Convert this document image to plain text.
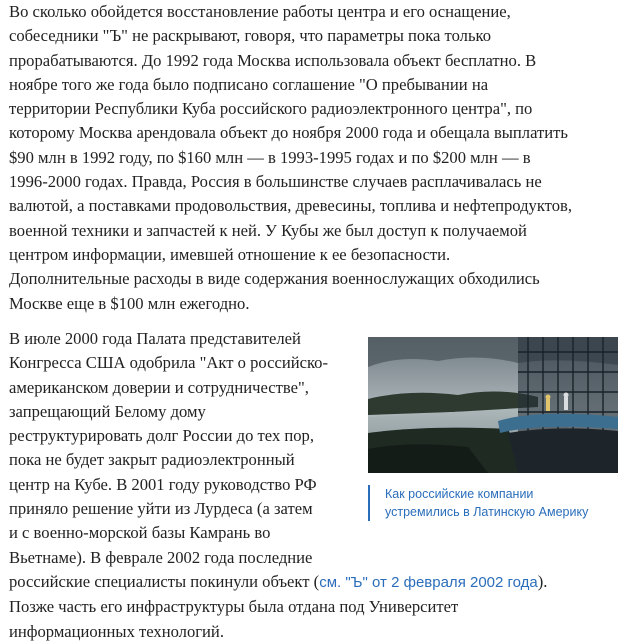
Во сколько обойдется восстановление работы центра и его оснащение,
собеседники "Ъ" не раскрывают, говоря, что параметры пока только
прорабатываются. До 1992 года Москва использовала объект бесплатно. В
ноябре того же года было подписано соглашение "О пребывании на
территории Республики Куба российского радиоэлектронного центра", по
которому Москва арендовала объект до ноября 2000 года и обещала выплатить
$90 млн в 1992 году, по $160 млн — в 1993-1995 годах и по $200 млн — в
1996-2000 годах. Правда, Россия в большинстве случаев расплачивалась не
валютой, а поставками продовольствия, древесины, топлива и нефтепродуктов,
военной техники и запчастей к ней. У Кубы же был доступ к получаемой
центром информации, имевшей отношение к ее безопасности.
Дополнительные расходы в виде содержания военнослужащих обходились
Москве еще в $100 млн ежегодно.

В июле 2000 года Палата представителей
Конгресса США одобрила "Акт о российско-
американском доверии и сотрудничестве",
запрещающий Белому дому
реструктурировать долг России до тех пор,
пока не будет закрыт радиоэлектронный
центр на Кубе. В 2001 году руководство РФ
приняло решение уйти из Лурдеса (а затем
и с военно-морской базы Камрань во
Вьетнаме). В феврале 2002 года последние
российские специалисты покинули объект (см. "Ъ" от 2 февраля 2002 года).
Позже часть его инфраструктуры была отдана под Университет
информационных технологий.

Как российские компании
устремились в Латинскую Америку
